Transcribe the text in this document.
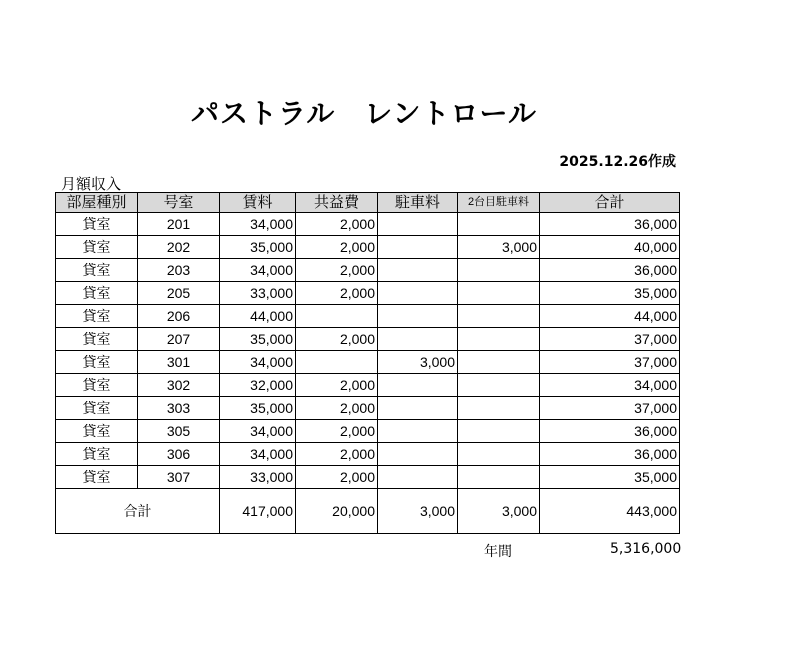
パストラル　レントロール
2025.12.26作成
月額収入
部屋種別	号室	賃料	共益費	駐車料	2台目駐車料	合計
貸室	201	34,000	2,000			36,000
貸室	202	35,000	2,000		3,000	40,000
貸室	203	34,000	2,000			36,000
貸室	205	33,000	2,000			35,000
貸室	206	44,000				44,000
貸室	207	35,000	2,000			37,000
貸室	301	34,000		3,000		37,000
貸室	302	32,000	2,000			34,000
貸室	303	35,000	2,000			37,000
貸室	305	34,000	2,000			36,000
貸室	306	34,000	2,000			36,000
貸室	307	33,000	2,000			35,000
合計		417,000	20,000	3,000	3,000	443,000
年間	5,316,000
